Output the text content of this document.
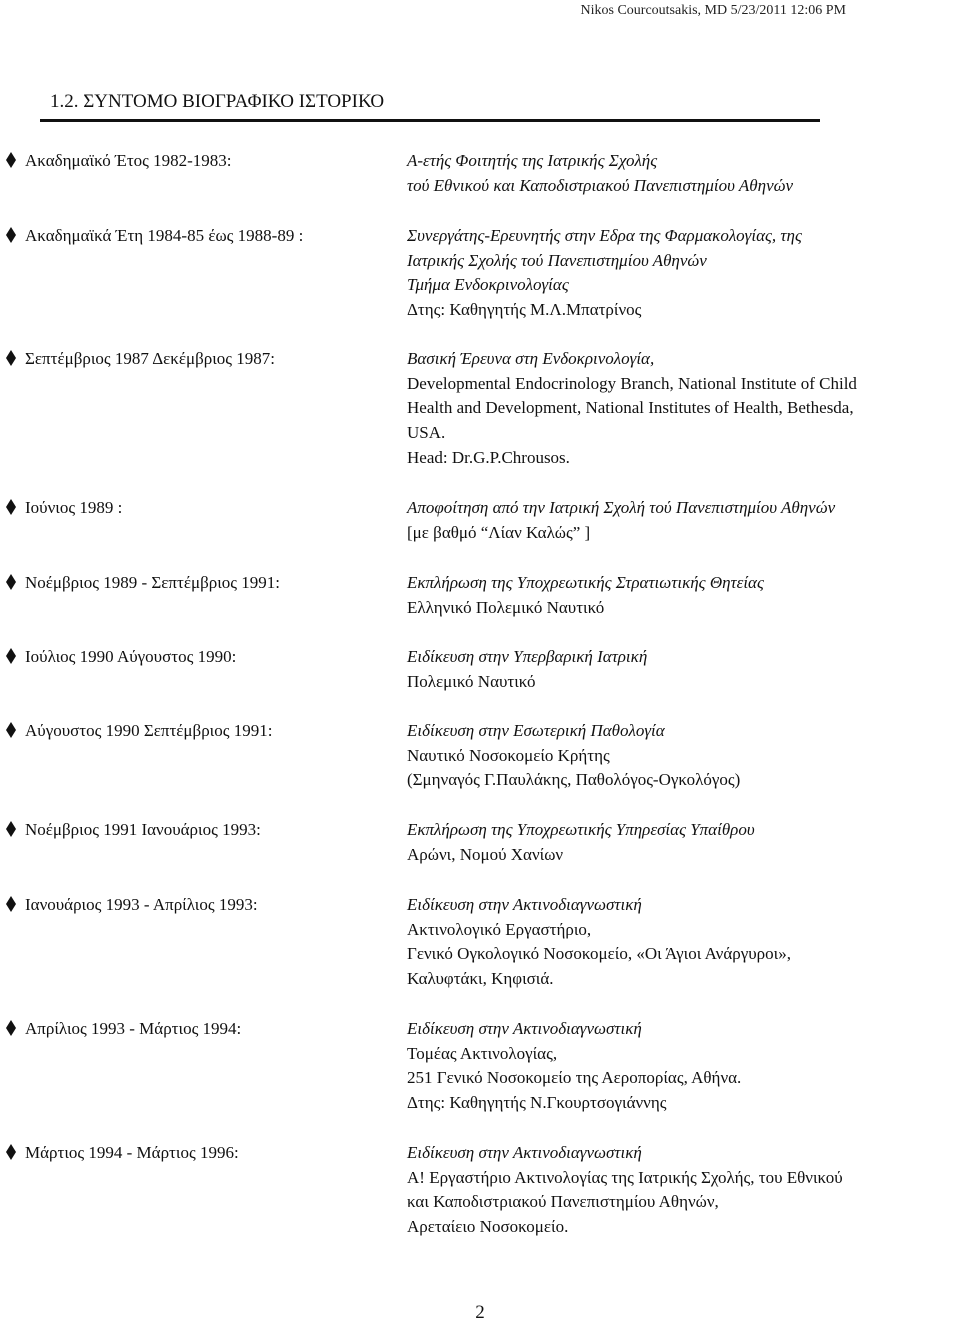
Nikos Courcoutsakis, MD 5/23/2011 12:06 PM
1.2. ΣΥΝΤΟΜΟ ΒΙΟΓΡΑΦΙΚΟ ΙΣΤΟΡΙΚΟ
Ακαδημαϊκό Έτος 1982-1983:	Α-ετής Φοιτητής της Ιατρικής Σχολής
τού Εθνικού και Καποδιστριακού Πανεπιστημίου Αθηνών
Ακαδημαϊκά Έτη 1984-85 έως 1988-89 :	Συνεργάτης-Ερευνητής στην Εδρα της Φαρμακολογίας, της
Ιατρικής Σχολής τού Πανεπιστημίου Αθηνών
Τμήμα Ενδοκρινολογίας
Δτης: Καθηγητής Μ.Λ.Μπατρίνος
Σεπτέμβριος 1987 Δεκέμβριος 1987:	Βασική Έρευνα στη Ενδοκρινολογία,
Developmental Endocrinology Branch, National Institute of Child
Health and Development, National Institutes of Health, Bethesda,
USA.
Head: Dr.G.P.Chrousos.
Ιούνιος 1989 :	Αποφοίτηση από την Ιατρική Σχολή τού Πανεπιστημίου Αθηνών
[με βαθμό “Λίαν Καλώς” ]
Νοέμβριος 1989 - Σεπτέμβριος 1991:	Εκπλήρωση της Υποχρεωτικής Στρατιωτικής Θητείας
Ελληνικό Πολεμικό Ναυτικό
Ιούλιος 1990 Αύγουστος 1990:	Ειδίκευση στην Υπερβαρική Ιατρική
Πολεμικό Ναυτικό
Αύγουστος 1990 Σεπτέμβριος 1991:	Ειδίκευση στην Εσωτερική Παθολογία
Ναυτικό Νοσοκομείο Κρήτης
(Σμηναγός Γ.Παυλάκης, Παθολόγος-Ογκολόγος)
Νοέμβριος 1991 Ιανουάριος 1993:	Εκπλήρωση της Υποχρεωτικής Υπηρεσίας Υπαίθρου
Αρώνι, Νομού Χανίων
Ιανουάριος 1993 - Απρίλιος 1993:	Ειδίκευση στην Ακτινοδιαγνωστική
Ακτινολογικό Εργαστήριο,
Γενικό Ογκολογικό Νοσοκομείο, «Οι Άγιοι Ανάργυροι»,
Καλυφτάκι, Κηφισιά.
Απρίλιος 1993 - Μάρτιος 1994:	Ειδίκευση στην Ακτινοδιαγνωστική
Τομέας Ακτινολογίας,
251 Γενικό Νοσοκομείο της Αεροπορίας, Αθήνα.
Δτης: Καθηγητής Ν.Γκουρτσογιάννης
Μάρτιος 1994 - Μάρτιος 1996:	Ειδίκευση στην Ακτινοδιαγνωστική
Α! Εργαστήριο Ακτινολογίας της Ιατρικής Σχολής, του Εθνικού
και Καποδιστριακού Πανεπιστημίου Αθηνών,
Αρεταίειο Νοσοκομείο.
2
